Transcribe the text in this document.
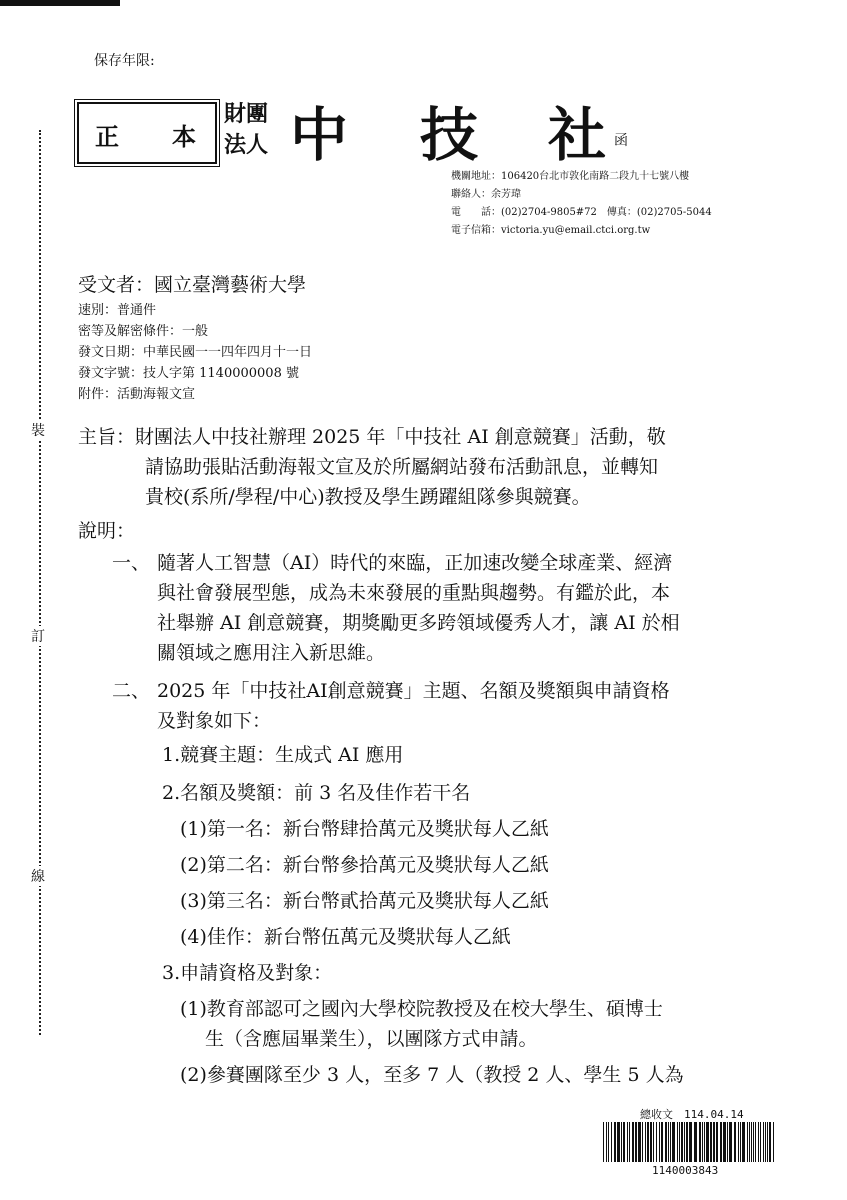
保存年限:
正 本
財團
法人 中 技 社 函
機關地址：106420台北市敦化南路二段九十七號八樓
聯絡人：余芳瑋
電　　話：(02)2704-9805#72　傳真：(02)2705-5044
電子信箱：victoria.yu@email.ctci.org.tw
裝
訂
線
受文者：國立臺灣藝術大學
速別：普通件
密等及解密條件：一般
發文日期：中華民國一一四年四月十一日
發文字號：技人字第 1140000008 號
附件：活動海報文宣
主旨：財團法人中技社辦理 2025 年「中技社 AI 創意競賽」活動，敬
請協助張貼活動海報文宣及於所屬網站發布活動訊息，並轉知
貴校(系所/學程/中心)教授及學生踴躍組隊參與競賽。
說明：
一、 隨著人工智慧（AI）時代的來臨，正加速改變全球產業、經濟
與社會發展型態，成為未來發展的重點與趨勢。有鑑於此，本
社舉辦 AI 創意競賽，期獎勵更多跨領域優秀人才，讓 AI 於相
關領域之應用注入新思維。
二、 2025 年「中技社AI創意競賽」主題、名額及獎額與申請資格
及對象如下：
1.競賽主題：生成式 AI 應用
2.名額及獎額：前 3 名及佳作若干名
(1)第一名：新台幣肆拾萬元及獎狀每人乙紙
(2)第二名：新台幣參拾萬元及獎狀每人乙紙
(3)第三名：新台幣貳拾萬元及獎狀每人乙紙
(4)佳作：新台幣伍萬元及獎狀每人乙紙
3.申請資格及對象：
(1)教育部認可之國內大學校院教授及在校大學生、碩博士
生（含應屆畢業生），以團隊方式申請。
(2)參賽團隊至少 3 人，至多 7 人（教授 2 人、學生 5 人為
總收文　114.04.14
1140003843
